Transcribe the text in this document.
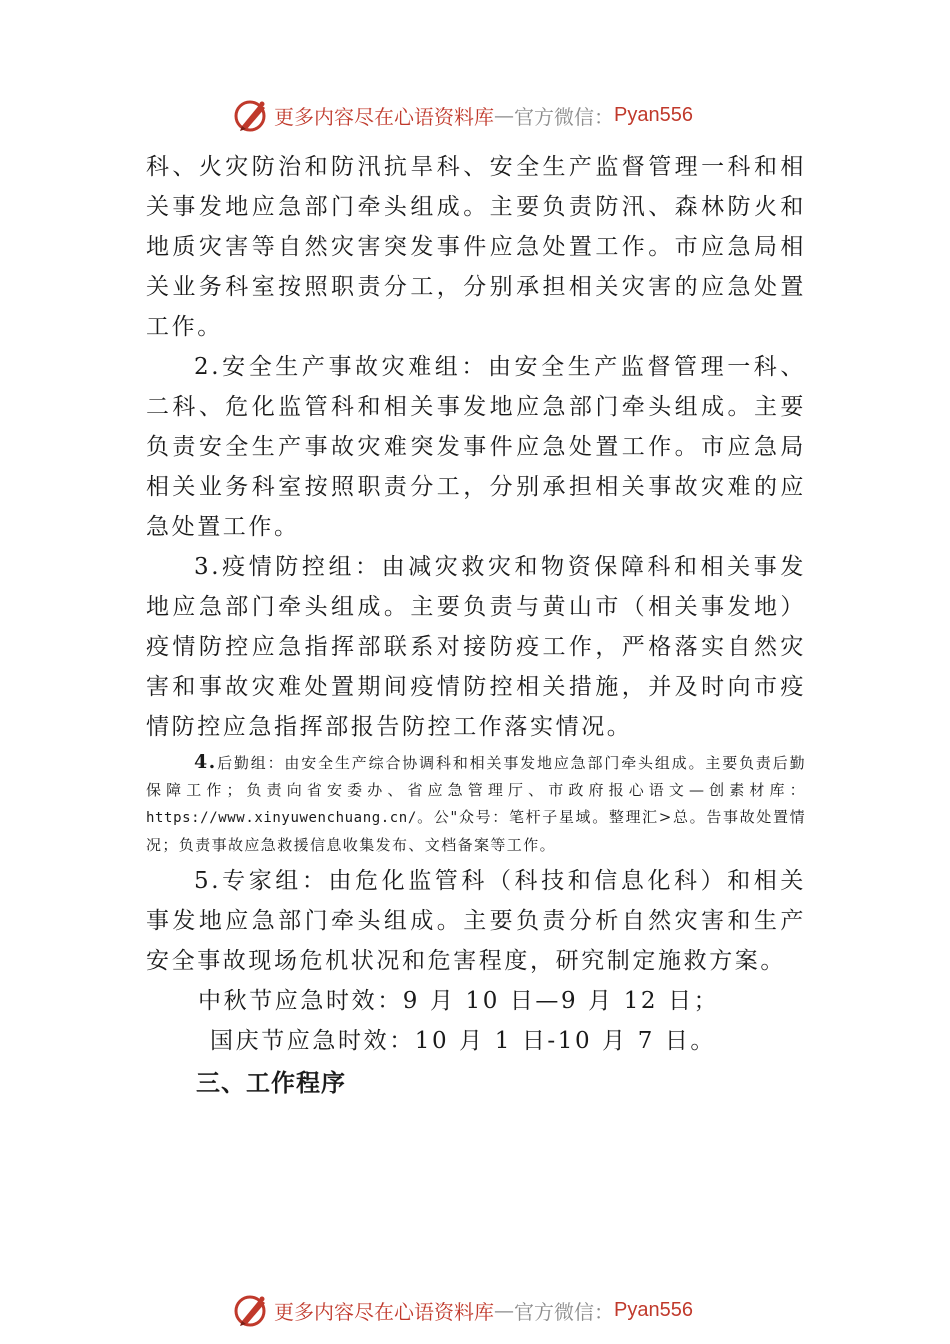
更多内容尽在心语资料库 — 官方微信： Pyan556

科、火灾防治和防汛抗旱科、安全生产监督管理一科和相关事发地应急部门牵头组成。主要负责防汛、森林防火和地质灾害等自然灾害突发事件应急处置工作。市应急局相关业务科室按照职责分工，分别承担相关灾害的应急处置工作。

2.安全生产事故灾难组：由安全生产监督管理一科、二科、危化监管科和相关事发地应急部门牵头组成。主要负责安全生产事故灾难突发事件应急处置工作。市应急局相关业务科室按照职责分工，分别承担相关事故灾难的应急处置工作。

3.疫情防控组：由减灾救灾和物资保障科和相关事发地应急部门牵头组成。主要负责与黄山市（相关事发地）疫情防控应急指挥部联系对接防疫工作，严格落实自然灾害和事故灾难处置期间疫情防控相关措施，并及时向市疫情防控应急指挥部报告防控工作落实情况。

4.后勤组：由安全生产综合协调科和相关事发地应急部门牵头组成。主要负责后勤保障工作；负责向省安委办、省应急管理厅、市政府报心语文—创素材库：https://www.xinyuwenchuang.cn/。公"众号：笔杆子星域。整理汇>总。告事故处置情况；负责事故应急救援信息收集发布、文档备案等工作。

5.专家组：由危化监管科（科技和信息化科）和相关事发地应急部门牵头组成。主要负责分析自然灾害和生产安全事故现场危机状况和危害程度，研究制定施救方案。

中秋节应急时效：9 月 10 日—9 月 12 日；

国庆节应急时效：10 月 1 日-10 月 7 日。

三、工作程序

更多内容尽在心语资料库 — 官方微信： Pyan556
